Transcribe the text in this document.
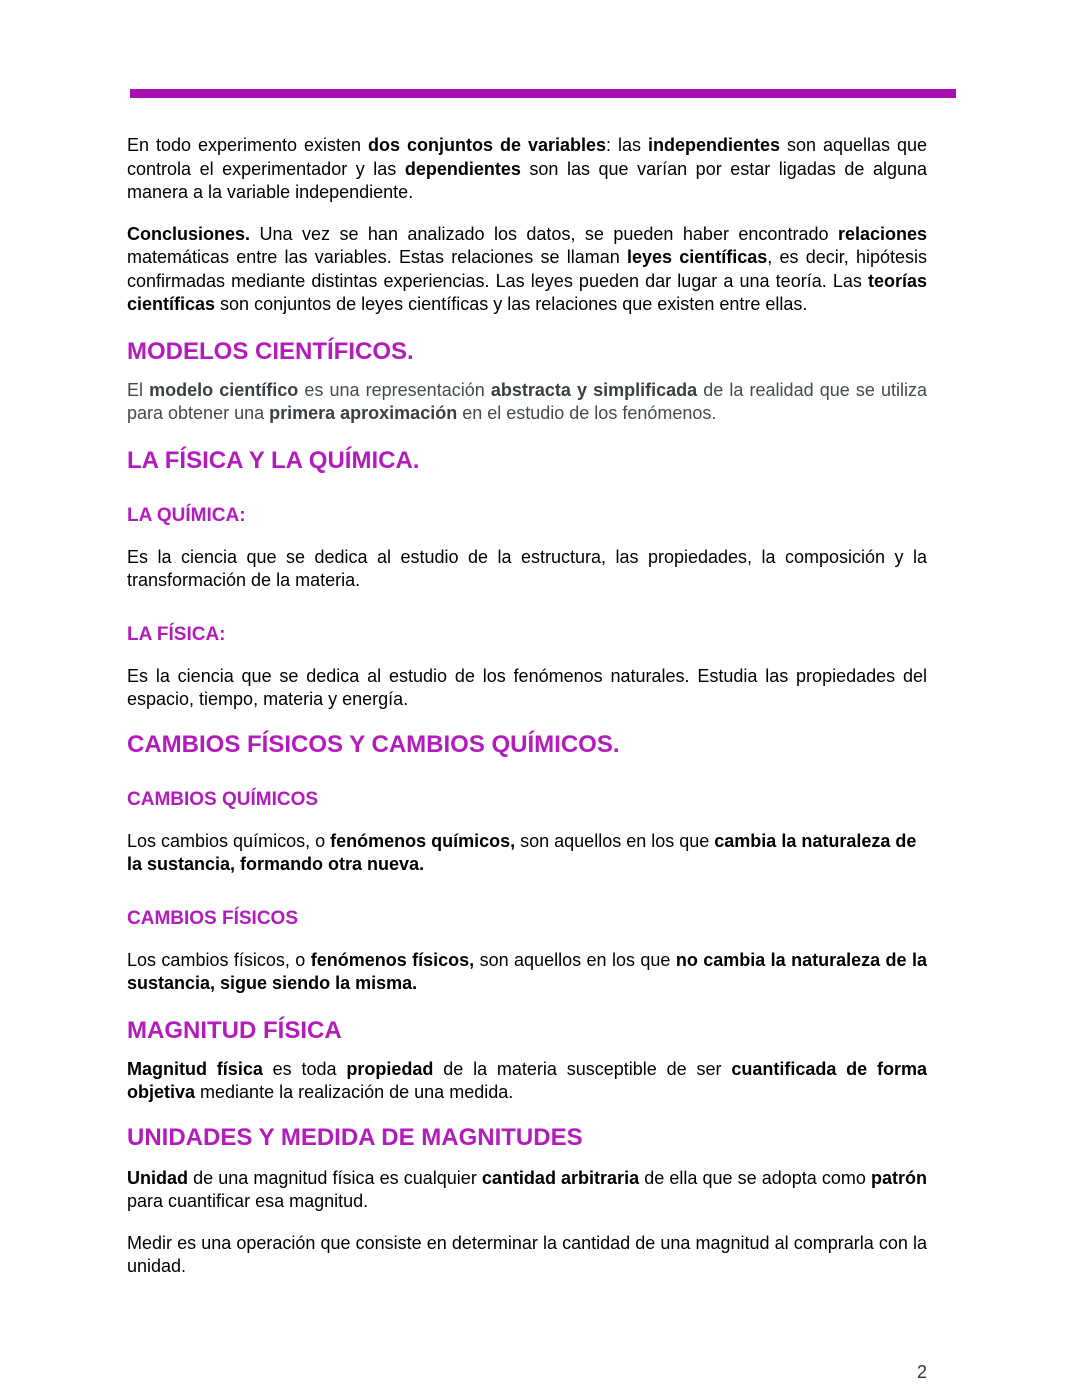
En todo experimento existen dos conjuntos de variables: las independientes son aquellas que controla el experimentador y las dependientes son las que varían por estar ligadas de alguna manera a la variable independiente.

Conclusiones. Una vez se han analizado los datos, se pueden haber encontrado relaciones matemáticas entre las variables. Estas relaciones se llaman leyes científicas, es decir, hipótesis confirmadas mediante distintas experiencias. Las leyes pueden dar lugar a una teoría. Las teorías científicas son conjuntos de leyes científicas y las relaciones que existen entre ellas.

MODELOS CIENTÍFICOS.

El modelo científico es una representación abstracta y simplificada de la realidad que se utiliza para obtener una primera aproximación en el estudio de los fenómenos.

LA FÍSICA Y LA QUÍMICA.
LA QUÍMICA:

Es la ciencia que se dedica al estudio de la estructura, las propiedades, la composición y la transformación de la materia.

LA FÍSICA:

Es la ciencia que se dedica al estudio de los fenómenos naturales. Estudia las propiedades del espacio, tiempo, materia y energía.

CAMBIOS FÍSICOS Y CAMBIOS QUÍMICOS.
CAMBIOS QUÍMICOS

Los cambios químicos, o fenómenos químicos, son aquellos en los que cambia la naturaleza de la sustancia, formando otra nueva.

CAMBIOS FÍSICOS

Los cambios físicos, o fenómenos físicos, son aquellos en los que no cambia la naturaleza de la sustancia, sigue siendo la misma.

MAGNITUD FÍSICA

Magnitud física es toda propiedad de la materia susceptible de ser cuantificada de forma objetiva mediante la realización de una medida.

UNIDADES Y MEDIDA DE MAGNITUDES

Unidad de una magnitud física es cualquier cantidad arbitraria de ella que se adopta como patrón para cuantificar esa magnitud.

Medir es una operación que consiste en determinar la cantidad de una magnitud al comprarla con la unidad.

2
